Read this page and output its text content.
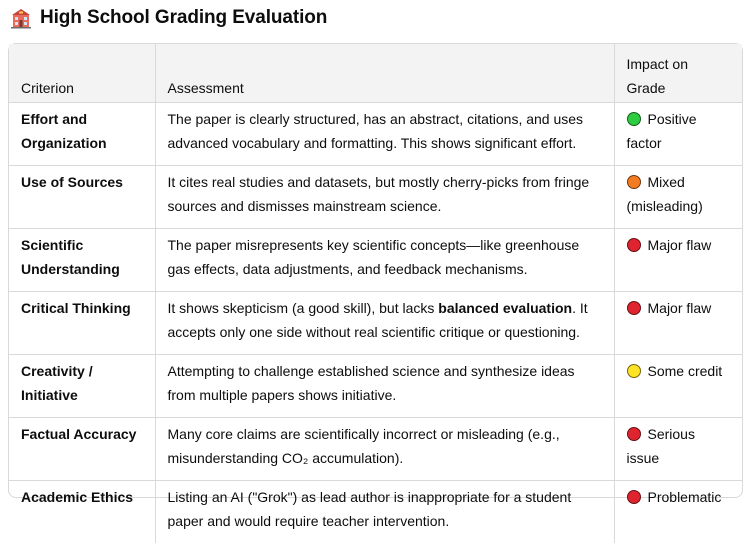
High School Grading Evaluation
Criterion	Assessment	Impact on Grade
Effort and Organization	The paper is clearly structured, has an abstract, citations, and uses advanced vocabulary and formatting. This shows significant effort.	Positive factor
Use of Sources	It cites real studies and datasets, but mostly cherry-picks from fringe sources and dismisses mainstream science.	Mixed (misleading)
Scientific Understanding	The paper misrepresents key scientific concepts—like greenhouse gas effects, data adjustments, and feedback mechanisms.	Major flaw
Critical Thinking	It shows skepticism (a good skill), but lacks balanced evaluation. It accepts only one side without real scientific critique or questioning.	Major flaw
Creativity / Initiative	Attempting to challenge established science and synthesize ideas from multiple papers shows initiative.	Some credit
Factual Accuracy	Many core claims are scientifically incorrect or misleading (e.g., misunderstanding CO₂ accumulation).	Serious issue
Academic Ethics	Listing an AI ("Grok") as lead author is inappropriate for a student paper and would require teacher intervention.	Problematic
